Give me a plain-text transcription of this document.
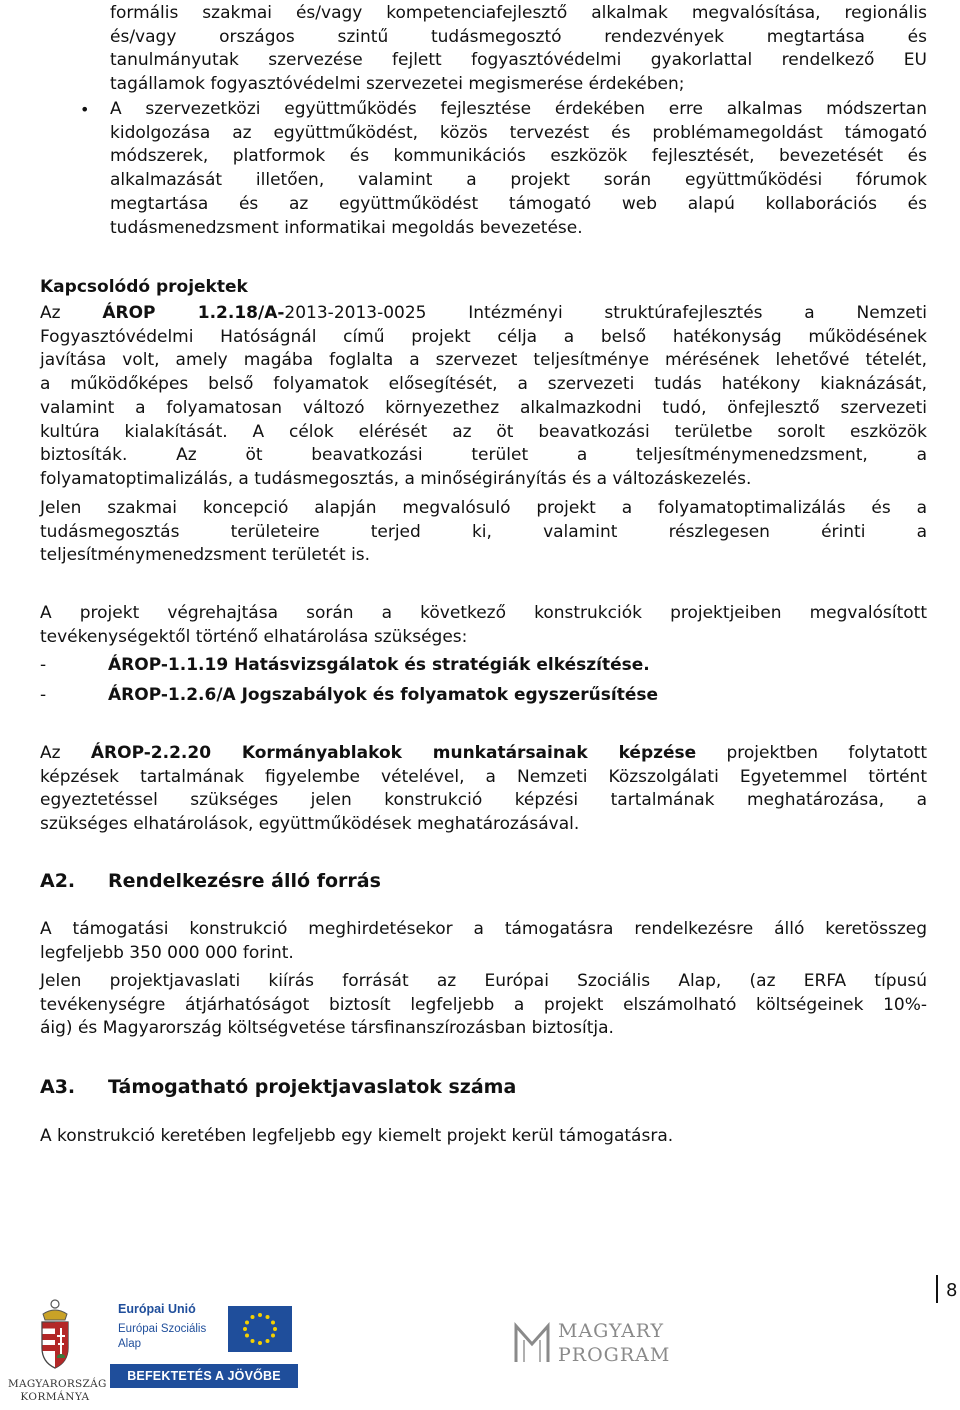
formális szakmai és/vagy kompetenciafejlesztő alkalmak megvalósítása, regionális
és/vagy országos szintű tudásmegosztó rendezvények megtartása és
tanulmányutak szervezése fejlett fogyasztóvédelmi gyakorlattal rendelkező EU
tagállamok fogyasztóvédelmi szervezetei megismerése érdekében;
• A szervezetközi együttműködés fejlesztése érdekében erre alkalmas módszertan
kidolgozása az együttműködést, közös tervezést és problémamegoldást támogató
módszerek, platformok és kommunikációs eszközök fejlesztését, bevezetését és
alkalmazását illetően, valamint a projekt során együttműködési fórumok
megtartása és az együttműködést támogató web alapú kollaborációs és
tudásmenedzsment informatikai megoldás bevezetése.
Kapcsolódó projektek
Az ÁROP 1.2.18/A-2013-2013-0025 Intézményi struktúrafejlesztés a Nemzeti
Fogyasztóvédelmi Hatóságnál című projekt célja a belső hatékonyság működésének
javítása volt, amely magába foglalta a szervezet teljesítménye mérésének lehetővé tételét,
a működőképes belső folyamatok elősegítését, a szervezeti tudás hatékony kiaknázását,
valamint a folyamatosan változó környezethez alkalmazkodni tudó, önfejlesztő szervezeti
kultúra kialakítását. A célok elérését az öt beavatkozási területbe sorolt eszközök
biztosíták. Az öt beavatkozási terület a teljesítménymenedzsment, a
folyamatoptimalizálás, a tudásmegosztás, a minőségirányítás és a változáskezelés.
Jelen szakmai koncepció alapján megvalósuló projekt a folyamatoptimalizálás és a
tudásmegosztás területeire terjed ki, valamint részlegesen érinti a
teljesítménymenedzsment területét is.
A projekt végrehajtása során a következő konstrukciók projektjeiben megvalósított
tevékenységektől történő elhatárolása szükséges:
-	ÁROP-1.1.19 Hatásvizsgálatok és stratégiák elkészítése.
-	ÁROP-1.2.6/A Jogszabályok és folyamatok egyszerűsítése
Az ÁROP-2.2.20 Kormányablakok munkatársainak képzése projektben folytatott
képzések tartalmának figyelembe vételével, a Nemzeti Közszolgálati Egyetemmel történt
egyeztetéssel szükséges jelen konstrukció képzési tartalmának meghatározása, a
szükséges elhatárolások, együttműködések meghatározásával.
A2. Rendelkezésre álló forrás
A támogatási konstrukció meghirdetésekor a támogatásra rendelkezésre álló keretösszeg
legfeljebb 350 000 000 forint.
Jelen projektjavaslati kiírás forrását az Európai Szociális Alap, (az ERFA típusú
tevékenységre átjárhatóságot biztosít legfeljebb a projekt elszámolható költségeinek 10%-
áig) és Magyarország költségvetése társfinanszírozásban biztosítja.
A3. Támogatható projektjavaslatok száma
A konstrukció keretében legfeljebb egy kiemelt projekt kerül támogatásra.
8
MAGYARORSZÁG
KORMÁNYA
Európai Unió
Európai Szociális
Alap
BEFEKTETÉS A JÖVŐBE
MAGYARY
PROGRAM
